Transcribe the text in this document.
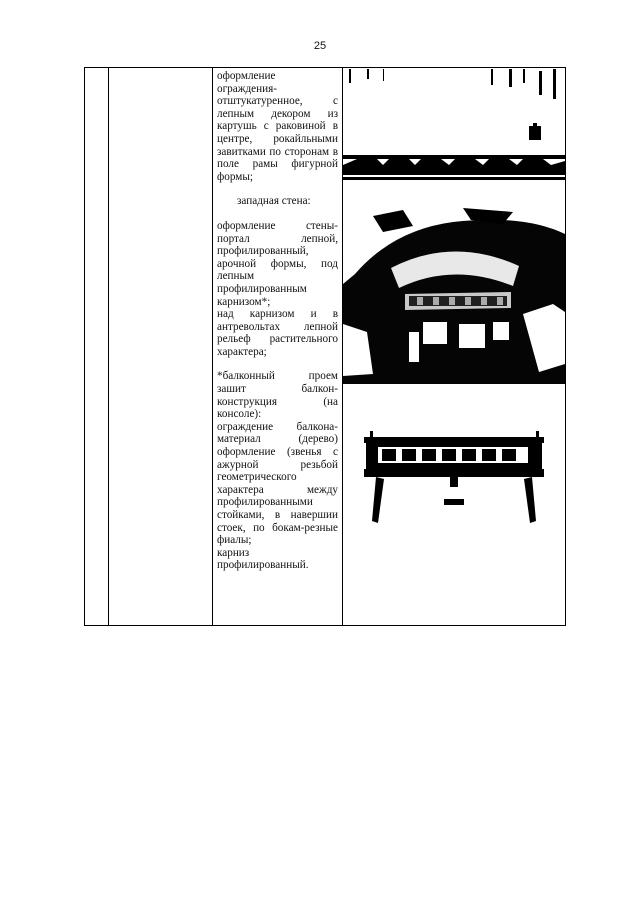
25

оформление ограждения- отштукатуренное, с лепным декором из картушь с раковиной в центре, рокайльными завитками по сторонам в поле рамы фигурной формы;

западная стена:

оформление стены- портал лепной, профилированный, арочной формы, под лепным профилированным карнизом*;

над карнизом и в антревольтах лепной рельеф растительного характера;

*балконный проем зашит балкон- конструкция (на консоле):

ограждение балкона- материал (дерево) оформление (звенья с ажурной резьбой геометрического характера между профилированными стойками, в навершии стоек, по бокам-резные фиалы;

карниз профилированный.
